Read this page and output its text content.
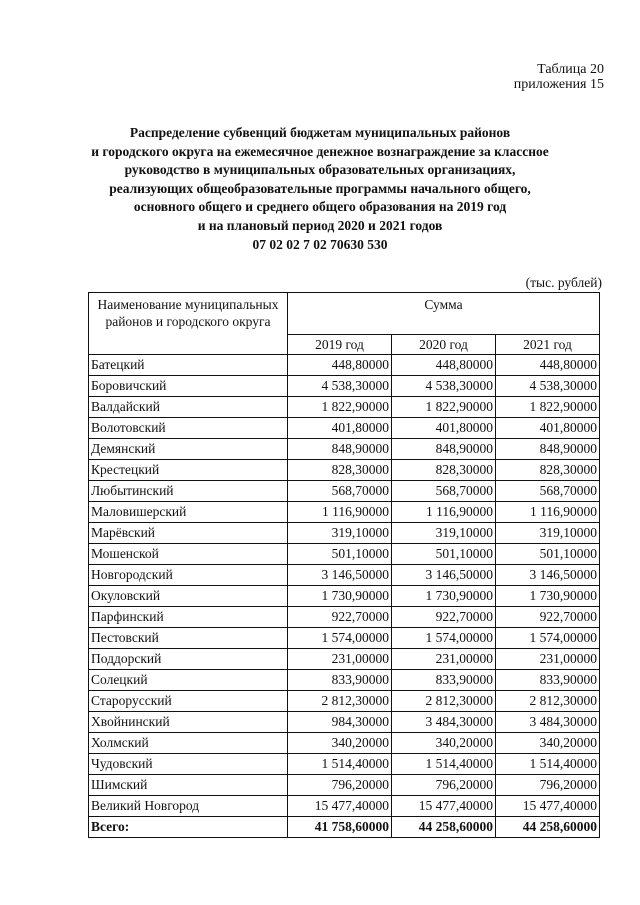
Таблица 20
приложения 15
Распределение субвенций бюджетам муниципальных районов
и городского округа на ежемесячное денежное вознаграждение за классное
руководство в муниципальных образовательных организациях,
реализующих общеобразовательные программы начального общего,
основного общего и среднего общего образования на 2019 год
и на плановый период 2020 и 2021 годов
07 02 02 7 02 70630 530
(тыс. рублей)
Наименование муниципальных районов и городского округа	Сумма		
	2019 год	2020 год	2021 год
Батецкий	448,80000	448,80000	448,80000
Боровичский	4 538,30000	4 538,30000	4 538,30000
Валдайский	1 822,90000	1 822,90000	1 822,90000
Волотовский	401,80000	401,80000	401,80000
Демянский	848,90000	848,90000	848,90000
Крестецкий	828,30000	828,30000	828,30000
Любытинский	568,70000	568,70000	568,70000
Маловишерский	1 116,90000	1 116,90000	1 116,90000
Марёвский	319,10000	319,10000	319,10000
Мошенской	501,10000	501,10000	501,10000
Новгородский	3 146,50000	3 146,50000	3 146,50000
Окуловский	1 730,90000	1 730,90000	1 730,90000
Парфинский	922,70000	922,70000	922,70000
Пестовский	1 574,00000	1 574,00000	1 574,00000
Поддорский	231,00000	231,00000	231,00000
Солецкий	833,90000	833,90000	833,90000
Старорусский	2 812,30000	2 812,30000	2 812,30000
Хвойнинский	984,30000	3 484,30000	3 484,30000
Холмский	340,20000	340,20000	340,20000
Чудовский	1 514,40000	1 514,40000	1 514,40000
Шимский	796,20000	796,20000	796,20000
Великий Новгород	15 477,40000	15 477,40000	15 477,40000
Всего:	41 758,60000	44 258,60000	44 258,60000
